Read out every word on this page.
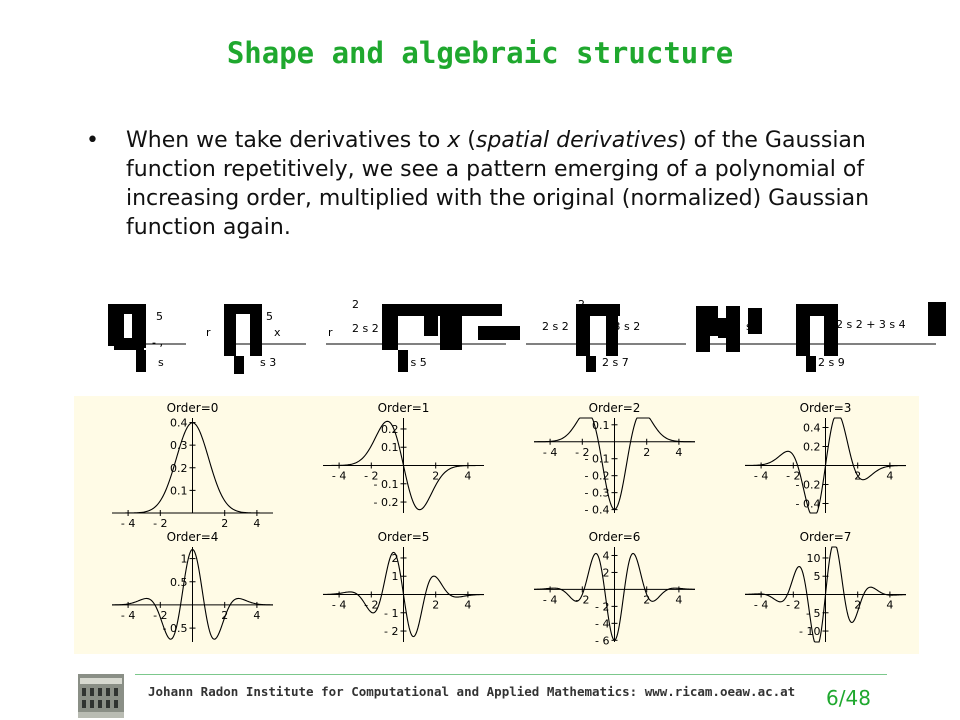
Shape and algebraic structure
• When we take derivatives to x (spatial derivatives) of the Gaussian function repetitively, we see a pattern emerging of a polynomial of increasing order, multiplied with the original (normalized) Gaussian function again.
5
- ,
2 s
r	x
5
s 3
r
2
2 s 2
2 s 5
2 s 2
2
- 3 s 2
2 s 7
s 2	2 s 2 + 3 s 4
2 s 9
Order=0
- 4 - 2	2 4
0.1
0.2
0.3
0.4
Order=1
- 4 - 2	2 4
- 0.2
- 0.1
0.1
0.2
Order=2
- 4 - 2	2 4
- 0.4
- 0.3
- 0.2
- 0.1
0.1
Order=3
- 4 - 2	2 4
- 0.4
- 0.2
0.2
0.4
Order=4
- 4 - 2	2 4
- 0.5
0.5
1
Order=5
- 4 - 2	2 4
- 2
- 1
1
2
Order=6
- 4 - 2	2 4
- 6
- 4
- 2
2
4
Order=7
- 4 - 2	2 4
- 10
- 5
5
10
Johann Radon Institute for Computational and Applied Mathematics: www.ricam.oeaw.ac.at 6/48
